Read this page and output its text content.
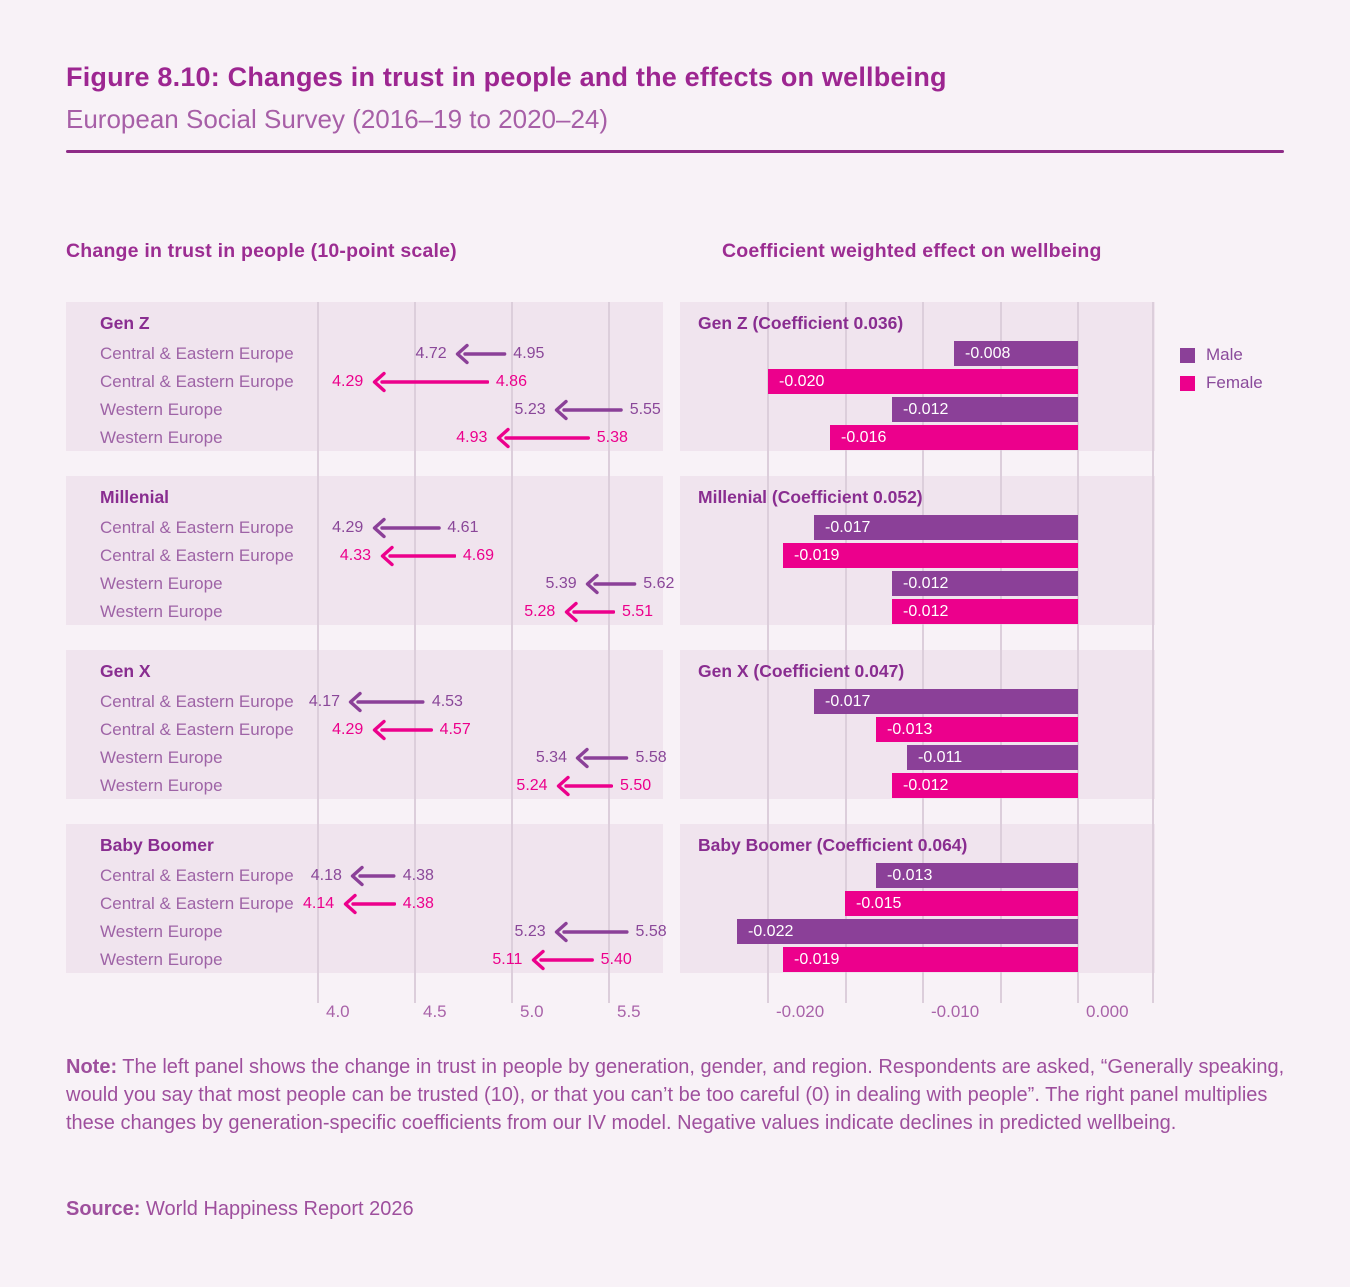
Figure 8.10: Changes in trust in people and the effects on wellbeing
European Social Survey (2016–19 to 2020–24)
Change in trust in people (10-point scale)	Coefficient weighted effect on wellbeing
4.0	4.5	5.0	5.5	-0.020	-0.010	0.000
Gen Z
Central & Eastern Europe	4.72	4.95
Central & Eastern Europe 4.29	4.86
Western Europe	5.23	5.55
Western Europe	4.93	5.38
Gen Z (Coefficient 0.036)
-0.008
-0.020
-0.012
-0.016
Millenial
Central & Eastern Europe 4.29	4.61
Central & Eastern Europe	4.33	4.69
Western Europe	5.39	5.62
Western Europe	5.28	5.51
Millenial (Coefficient 0.052)
-0.017
-0.019
-0.012
-0.012
Gen X
Central & Eastern Europe 4.17	4.53
Central & Eastern Europe 4.29	4.57
Western Europe	5.34	5.58
Western Europe	5.24	5.50
Gen X (Coefficient 0.047)
-0.017
-0.013
-0.011
-0.012
Baby Boomer
Central & Eastern Europe 4.18	4.38
Central & Eastern Europe 4.14	4.38
Western Europe	5.23	5.58
Western Europe	5.11	5.40
Baby Boomer (Coefficient 0.064)
-0.013
-0.015
-0.022
-0.019
Male
Female
Note: The left panel shows the change in trust in people by generation, gender, and region. Respondents are asked, “Generally speaking, would you say that most people can be trusted (10), or that you can’t be too careful (0) in dealing with people”. The right panel multiplies these changes by generation-specific coefficients from our IV model. Negative values indicate declines in predicted wellbeing.
Source: World Happiness Report 2026
